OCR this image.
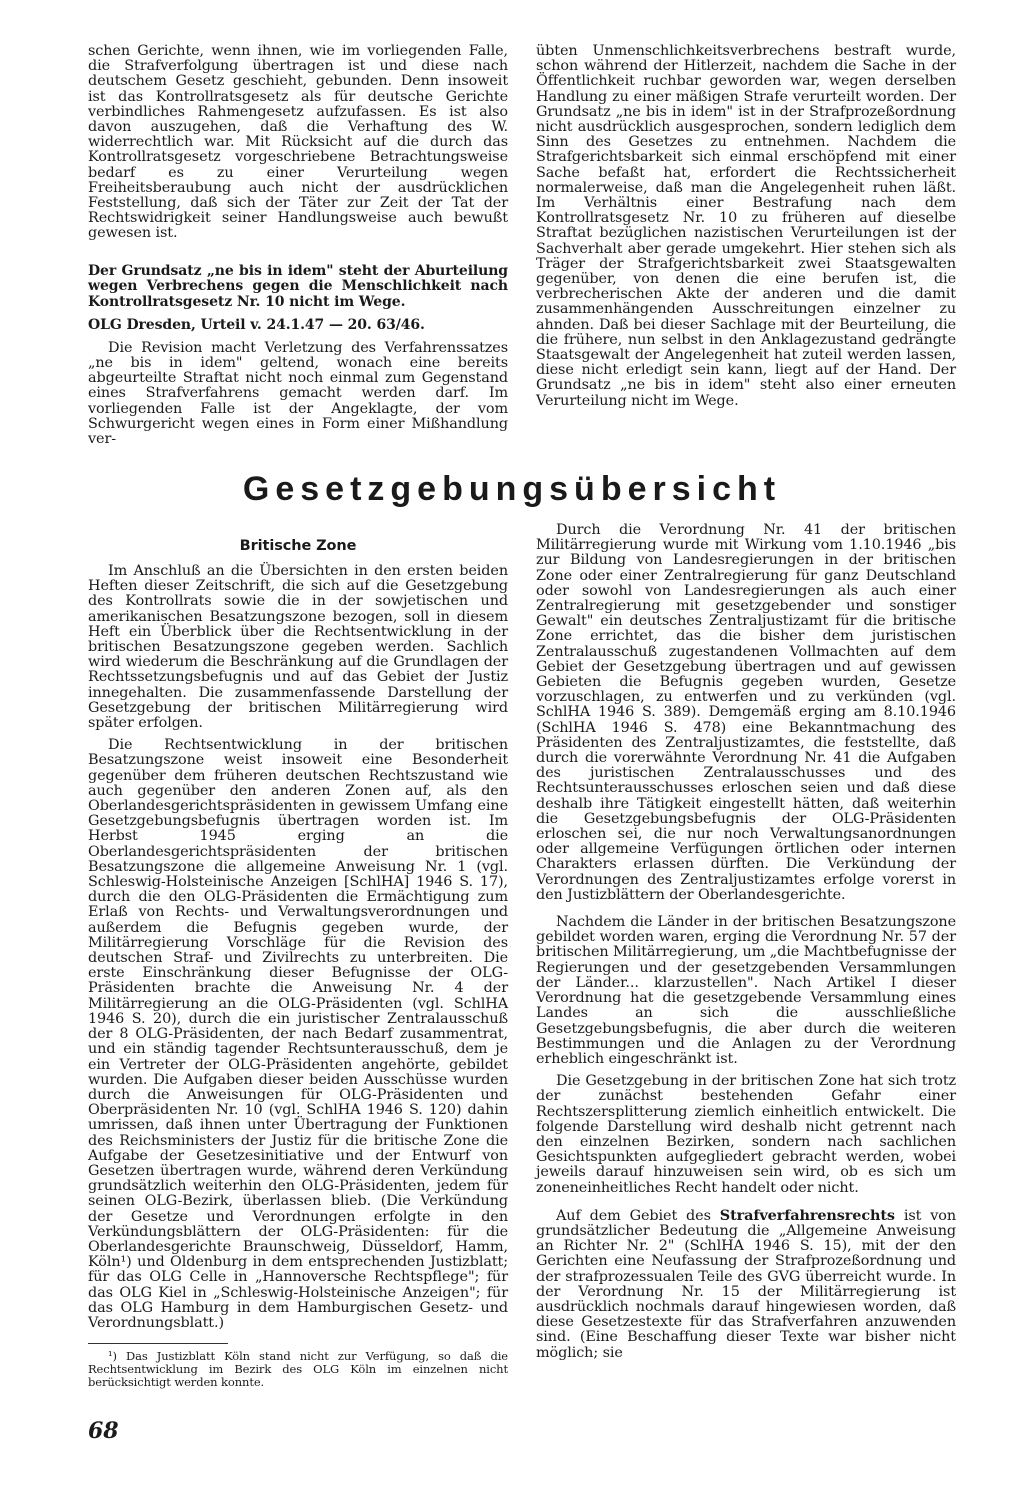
schen Gerichte, wenn ihnen, wie im vorliegenden Falle, die Strafverfolgung übertragen ist und diese nach deutschem Gesetz geschieht, gebunden. Denn insoweit ist das Kontrollratsgesetz als für deutsche Gerichte verbindliches Rahmengesetz aufzufassen. Es ist also davon auszugehen, daß die Verhaftung des W. widerrechtlich war. Mit Rücksicht auf die durch das Kontrollratsgesetz vorgeschriebene Betrachtungsweise bedarf es zu einer Verurteilung wegen Freiheitsberaubung auch nicht der ausdrücklichen Feststellung, daß sich der Täter zur Zeit der Tat der Rechtswidrigkeit seiner Handlungsweise auch bewußt gewesen ist.

Der Grundsatz „ne bis in idem" steht der Aburteilung wegen Verbrechens gegen die Menschlichkeit nach Kontrollratsgesetz Nr. 10 nicht im Wege.

OLG Dresden, Urteil v. 24.1.47 — 20. 63/46.

Die Revision macht Verletzung des Verfahrenssatzes „ne bis in idem" geltend, wonach eine bereits abgeurteilte Straftat nicht noch einmal zum Gegenstand eines Strafverfahrens gemacht werden darf. Im vorliegenden Falle ist der Angeklagte, der vom Schwurgericht wegen eines in Form einer Mißhandlung ver-

übten Unmenschlichkeitsverbrechens bestraft wurde, schon während der Hitlerzeit, nachdem die Sache in der Öffentlichkeit ruchbar geworden war, wegen derselben Handlung zu einer mäßigen Strafe verurteilt worden. Der Grundsatz „ne bis in idem" ist in der Strafprozeßordnung nicht ausdrücklich ausgesprochen, sondern lediglich dem Sinn des Gesetzes zu entnehmen. Nachdem die Strafgerichtsbarkeit sich einmal erschöpfend mit einer Sache befaßt hat, erfordert die Rechtssicherheit normalerweise, daß man die Angelegenheit ruhen läßt. Im Verhältnis einer Bestrafung nach dem Kontrollratsgesetz Nr. 10 zu früheren auf dieselbe Straftat bezüglichen nazistischen Verurteilungen ist der Sachverhalt aber gerade umgekehrt. Hier stehen sich als Träger der Strafgerichtsbarkeit zwei Staatsgewalten gegenüber, von denen die eine berufen ist, die verbrecherischen Akte der anderen und die damit zusammenhängenden Ausschreitungen einzelner zu ahnden. Daß bei dieser Sachlage mit der Beurteilung, die die frühere, nun selbst in den Anklagezustand gedrängte Staatsgewalt der Angelegenheit hat zuteil werden lassen, diese nicht erledigt sein kann, liegt auf der Hand. Der Grundsatz „ne bis in idem" steht also einer erneuten Verurteilung nicht im Wege.

Gesetzgebungsübersicht
Britische Zone

Im Anschluß an die Übersichten in den ersten beiden Heften dieser Zeitschrift, die sich auf die Gesetzgebung des Kontrollrats sowie die in der sowjetischen und amerikanischen Besatzungszone bezogen, soll in diesem Heft ein Überblick über die Rechtsentwicklung in der britischen Besatzungszone gegeben werden. Sachlich wird wiederum die Beschränkung auf die Grundlagen der Rechtssetzungsbefugnis und auf das Gebiet der Justiz innegehalten. Die zusammenfassende Darstellung der Gesetzgebung der britischen Militärregierung wird später erfolgen.

Die Rechtsentwicklung in der britischen Besatzungszone weist insoweit eine Besonderheit gegenüber dem früheren deutschen Rechtszustand wie auch gegenüber den anderen Zonen auf, als den Oberlandesgerichtspräsidenten in gewissem Umfang eine Gesetzgebungsbefugnis übertragen worden ist. Im Herbst 1945 erging an die Oberlandesgerichtspräsidenten der britischen Besatzungszone die allgemeine Anweisung Nr. 1 (vgl. Schleswig-Holsteinische Anzeigen [SchlHA] 1946 S. 17), durch die den OLG-Präsidenten die Ermächtigung zum Erlaß von Rechts- und Verwaltungsverordnungen und außerdem die Befugnis gegeben wurde, der Militärregierung Vorschläge für die Revision des deutschen Straf- und Zivilrechts zu unterbreiten. Die erste Einschränkung dieser Befugnisse der OLG-Präsidenten brachte die Anweisung Nr. 4 der Militärregierung an die OLG-Präsidenten (vgl. SchlHA 1946 S. 20), durch die ein juristischer Zentralausschuß der 8 OLG-Präsidenten, der nach Bedarf zusammentrat, und ein ständig tagender Rechtsunterausschuß, dem je ein Vertreter der OLG-Präsidenten angehörte, gebildet wurden. Die Aufgaben dieser beiden Ausschüsse wurden durch die Anweisungen für OLG-Präsidenten und Oberpräsidenten Nr. 10 (vgl. SchlHA 1946 S. 120) dahin umrissen, daß ihnen unter Übertragung der Funktionen des Reichsministers der Justiz für die britische Zone die Aufgabe der Gesetzesinitiative und der Entwurf von Gesetzen übertragen wurde, während deren Verkündung grundsätzlich weiterhin den OLG-Präsidenten, jedem für seinen OLG-Bezirk, überlassen blieb. (Die Verkündung der Gesetze und Verordnungen erfolgte in den Verkündungsblättern der OLG-Präsidenten: für die Oberlandesgerichte Braunschweig, Düsseldorf, Hamm, Köln¹) und Oldenburg in dem entsprechenden Justizblatt; für das OLG Celle in „Hannoversche Rechtspflege"; für das OLG Kiel in „Schleswig-Holsteinische Anzeigen"; für das OLG Hamburg in dem Hamburgischen Gesetz- und Verordnungsblatt.)

¹) Das Justizblatt Köln stand nicht zur Verfügung, so daß die Rechtsentwicklung im Bezirk des OLG Köln im einzelnen nicht berücksichtigt werden konnte.

Durch die Verordnung Nr. 41 der britischen Militärregierung wurde mit Wirkung vom 1.10.1946 „bis zur Bildung von Landesregierungen in der britischen Zone oder einer Zentralregierung für ganz Deutschland oder sowohl von Landesregierungen als auch einer Zentralregierung mit gesetzgebender und sonstiger Gewalt" ein deutsches Zentraljustizamt für die britische Zone errichtet, das die bisher dem juristischen Zentralausschuß zugestandenen Vollmachten auf dem Gebiet der Gesetzgebung übertragen und auf gewissen Gebieten die Befugnis gegeben wurden, Gesetze vorzuschlagen, zu entwerfen und zu verkünden (vgl. SchlHA 1946 S. 389). Demgemäß erging am 8.10.1946 (SchlHA 1946 S. 478) eine Bekanntmachung des Präsidenten des Zentraljustizamtes, die feststellte, daß durch die vorerwähnte Verordnung Nr. 41 die Aufgaben des juristischen Zentralausschusses und des Rechtsunterausschusses erloschen seien und daß diese deshalb ihre Tätigkeit eingestellt hätten, daß weiterhin die Gesetzgebungsbefugnis der OLG-Präsidenten erloschen sei, die nur noch Verwaltungsanordnungen oder allgemeine Verfügungen örtlichen oder internen Charakters erlassen dürften. Die Verkündung der Verordnungen des Zentraljustizamtes erfolge vorerst in den Justizblättern der Oberlandesgerichte.

Nachdem die Länder in der britischen Besatzungszone gebildet worden waren, erging die Verordnung Nr. 57 der britischen Militärregierung, um „die Machtbefugnisse der Regierungen und der gesetzgebenden Versammlungen der Länder... klarzustellen". Nach Artikel I dieser Verordnung hat die gesetzgebende Versammlung eines Landes an sich die ausschließliche Gesetzgebungsbefugnis, die aber durch die weiteren Bestimmungen und die Anlagen zu der Verordnung erheblich eingeschränkt ist.

Die Gesetzgebung in der britischen Zone hat sich trotz der zunächst bestehenden Gefahr einer Rechtszersplitterung ziemlich einheitlich entwickelt. Die folgende Darstellung wird deshalb nicht getrennt nach den einzelnen Bezirken, sondern nach sachlichen Gesichtspunkten aufgegliedert gebracht werden, wobei jeweils darauf hinzuweisen sein wird, ob es sich um zoneneinheitliches Recht handelt oder nicht.

Auf dem Gebiet des Strafverfahrensrechts ist von grundsätzlicher Bedeutung die „Allgemeine Anweisung an Richter Nr. 2" (SchlHA 1946 S. 15), mit der den Gerichten eine Neufassung der Strafprozeßordnung und der strafprozessualen Teile des GVG überreicht wurde. In der Verordnung Nr. 15 der Militärregierung ist ausdrücklich nochmals darauf hingewiesen worden, daß diese Gesetzestexte für das Strafverfahren anzuwenden sind. (Eine Beschaffung dieser Texte war bisher nicht möglich; sie

68
